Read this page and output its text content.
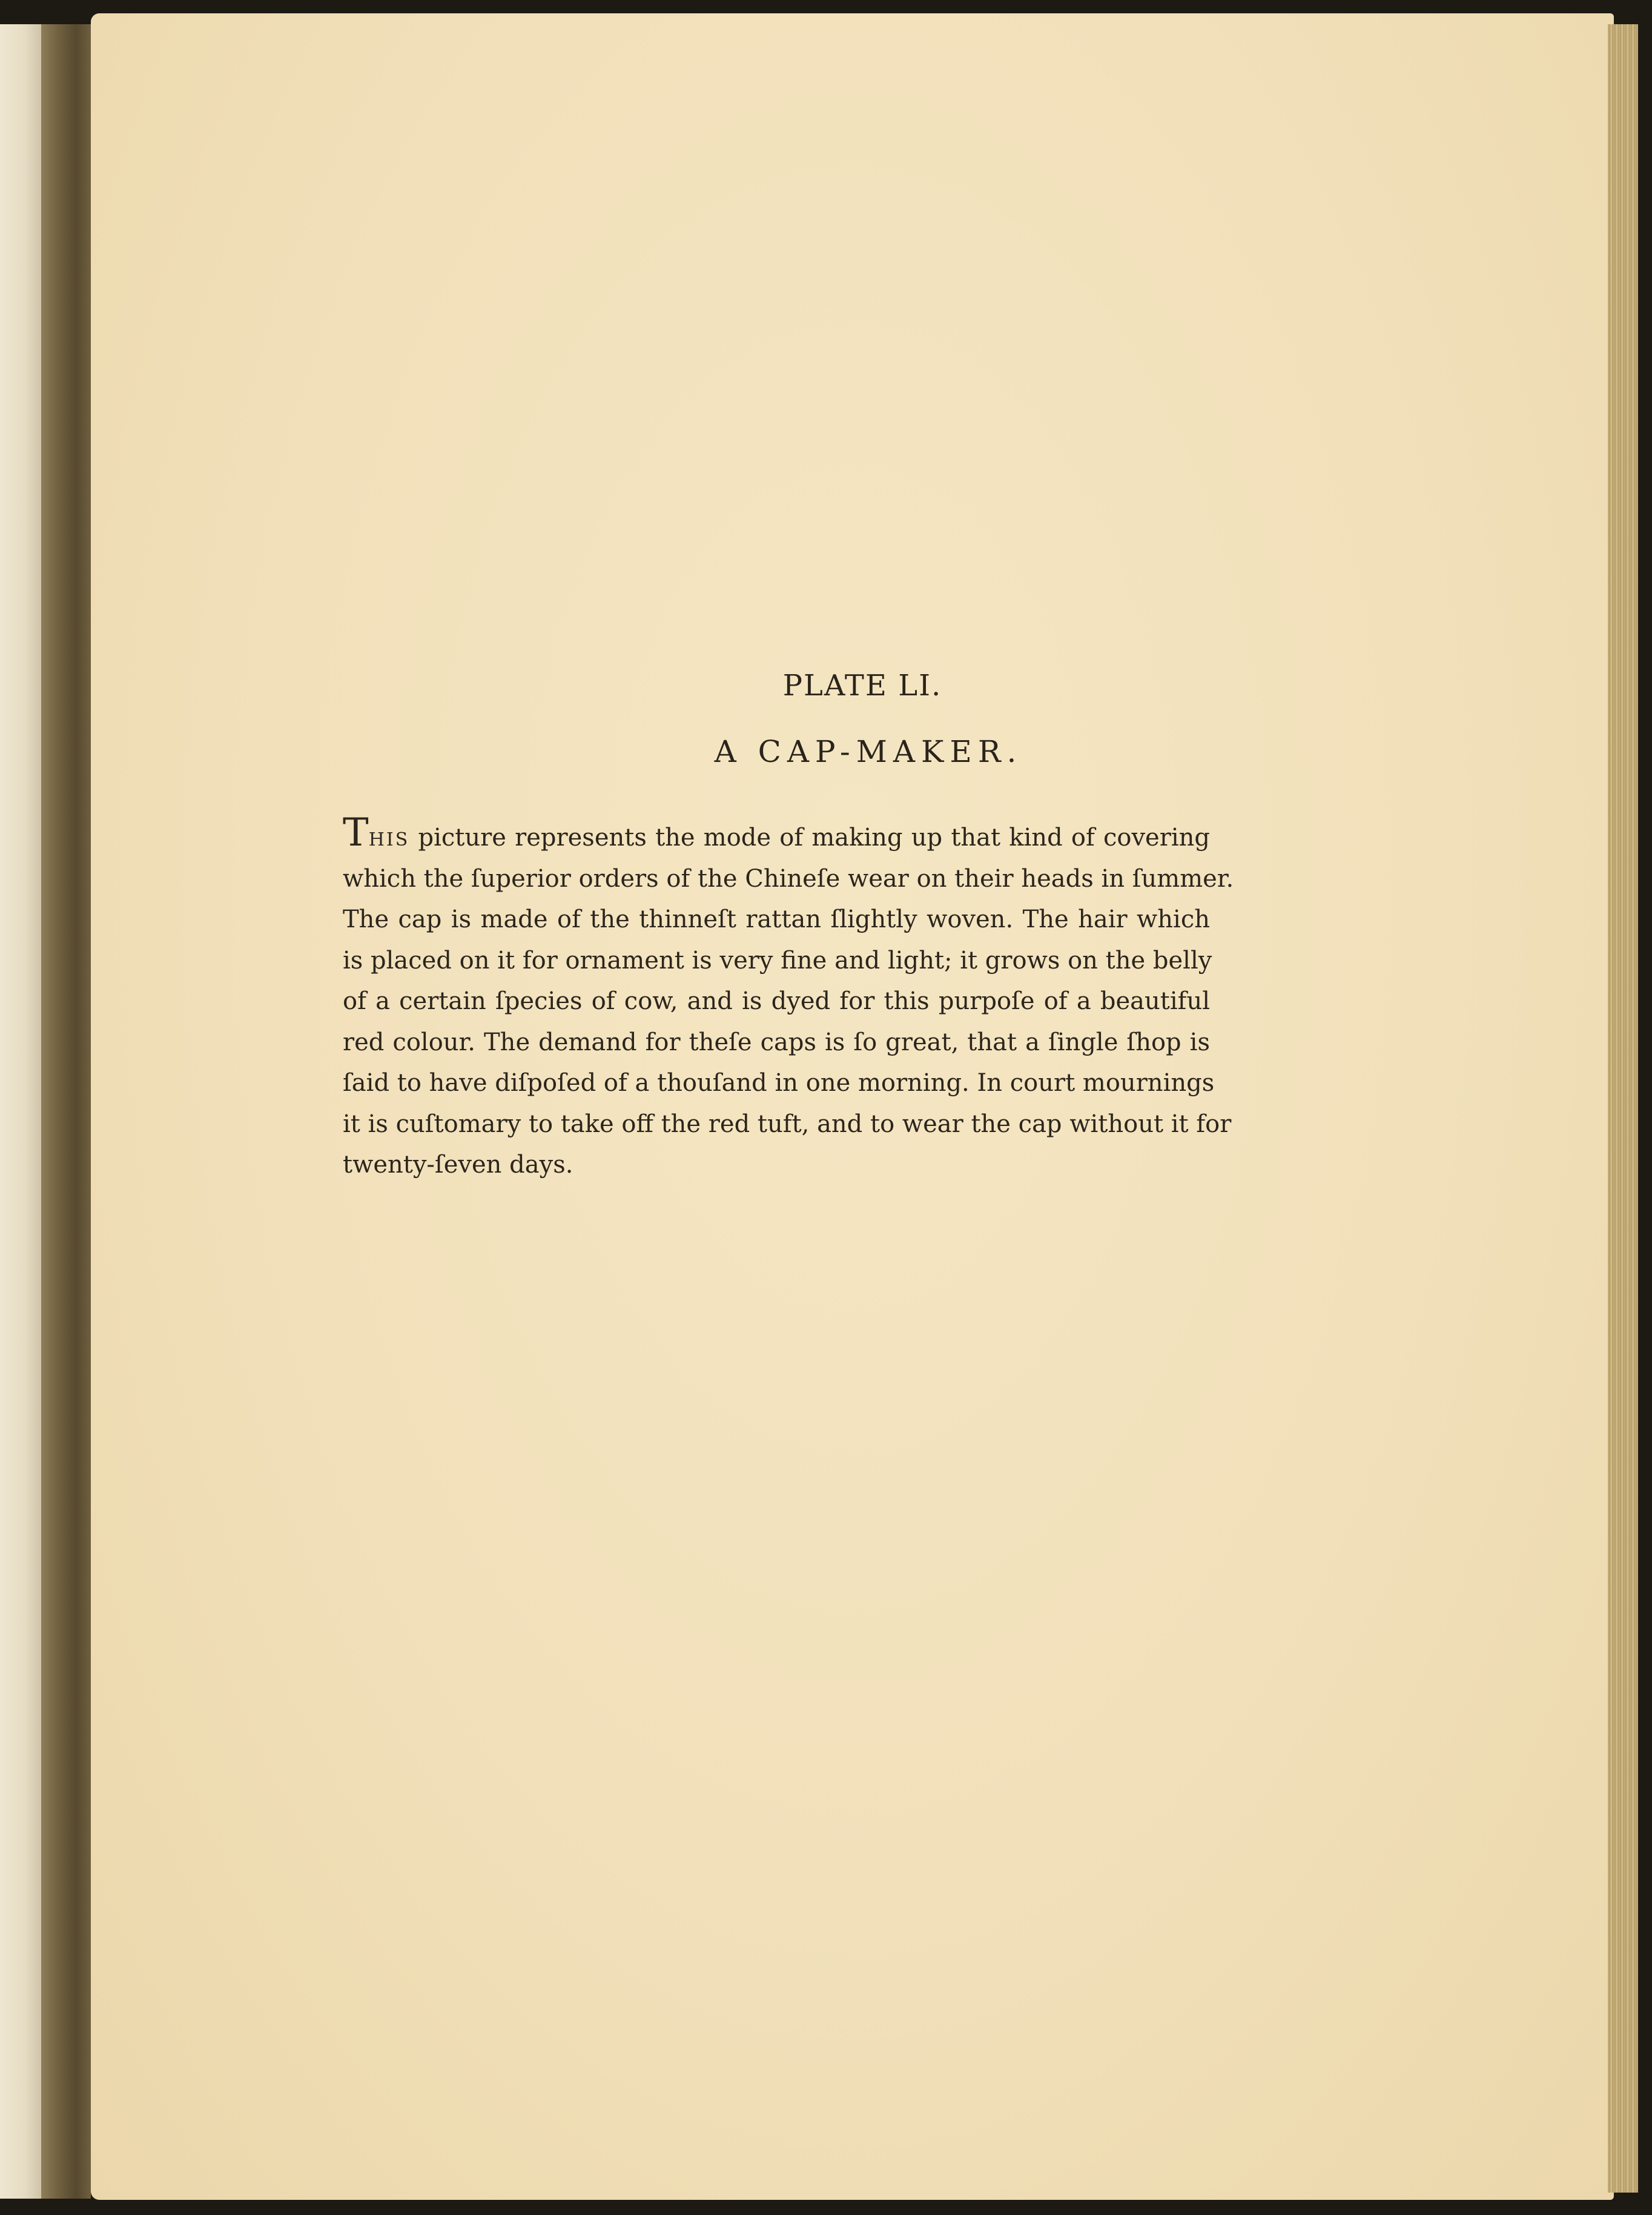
PLATE LI.
A CAP-MAKER.
THIS picture represents the mode of making up that kind of covering
which the ſuperior orders of the Chineſe wear on their heads in ſummer.
The cap is made of the thinneſt rattan ſlightly woven. The hair which
is placed on it for ornament is very fine and light; it grows on the belly
of a certain ſpecies of cow, and is dyed for this purpoſe of a beautiful
red colour. The demand for theſe caps is ſo great, that a ſingle ſhop is
ſaid to have diſpoſed of a thouſand in one morning. In court mournings
it is cuſtomary to take off the red tuft, and to wear the cap without it for
twenty-ſeven days.
